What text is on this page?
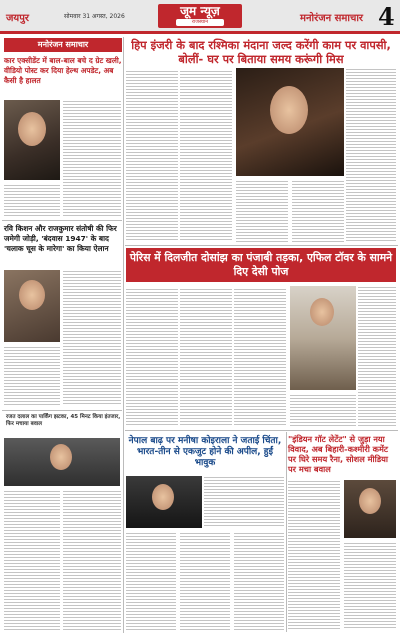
जयपुर	सोमवार 31 अगस्त, 2026	जूम न्यूज़
राजस्थान	मनोरंजन समाचार 4
मनोरंजन समाचार
कार एक्सीडेंट में बाल-बाल बचे द ग्रेट खली, वीडियो पोस्ट कर दिया हेल्थ अपडेट, अब कैसी है हालत
रवि किशन और राजकुमार संतोषी की फिर जमेगी जोड़ी, 'बंदवास 1947' के बाद 'चलाक चूस के मारेगा' का किया ऐलान
रजत दलाल का पार्किंग झटका, 45 मिनट किया इंतजार, फिर मचाया बवाल
हिप इंजरी के बाद रश्मिका मंदाना जल्द करेंगी काम पर वापसी, बोलीं- घर पर बिताया समय करूंगी मिस
पेरिस में दिलजीत दोसांझ का पंजाबी तड़का, एफिल टॉवर के सामने दिए देसी पोज
नेपाल बाढ़ पर मनीषा कोइराला ने जताई चिंता, भारत-तीन से एकजुट होने की अपील, हुईं भावुक
"इंडियन गॉट लेटेंट" से जुड़ा नया विवाद, अब बिहारी-कश्मीरी कमेंट पर घिरे समय रैना, सोशल मीडिया पर मचा बवाल
